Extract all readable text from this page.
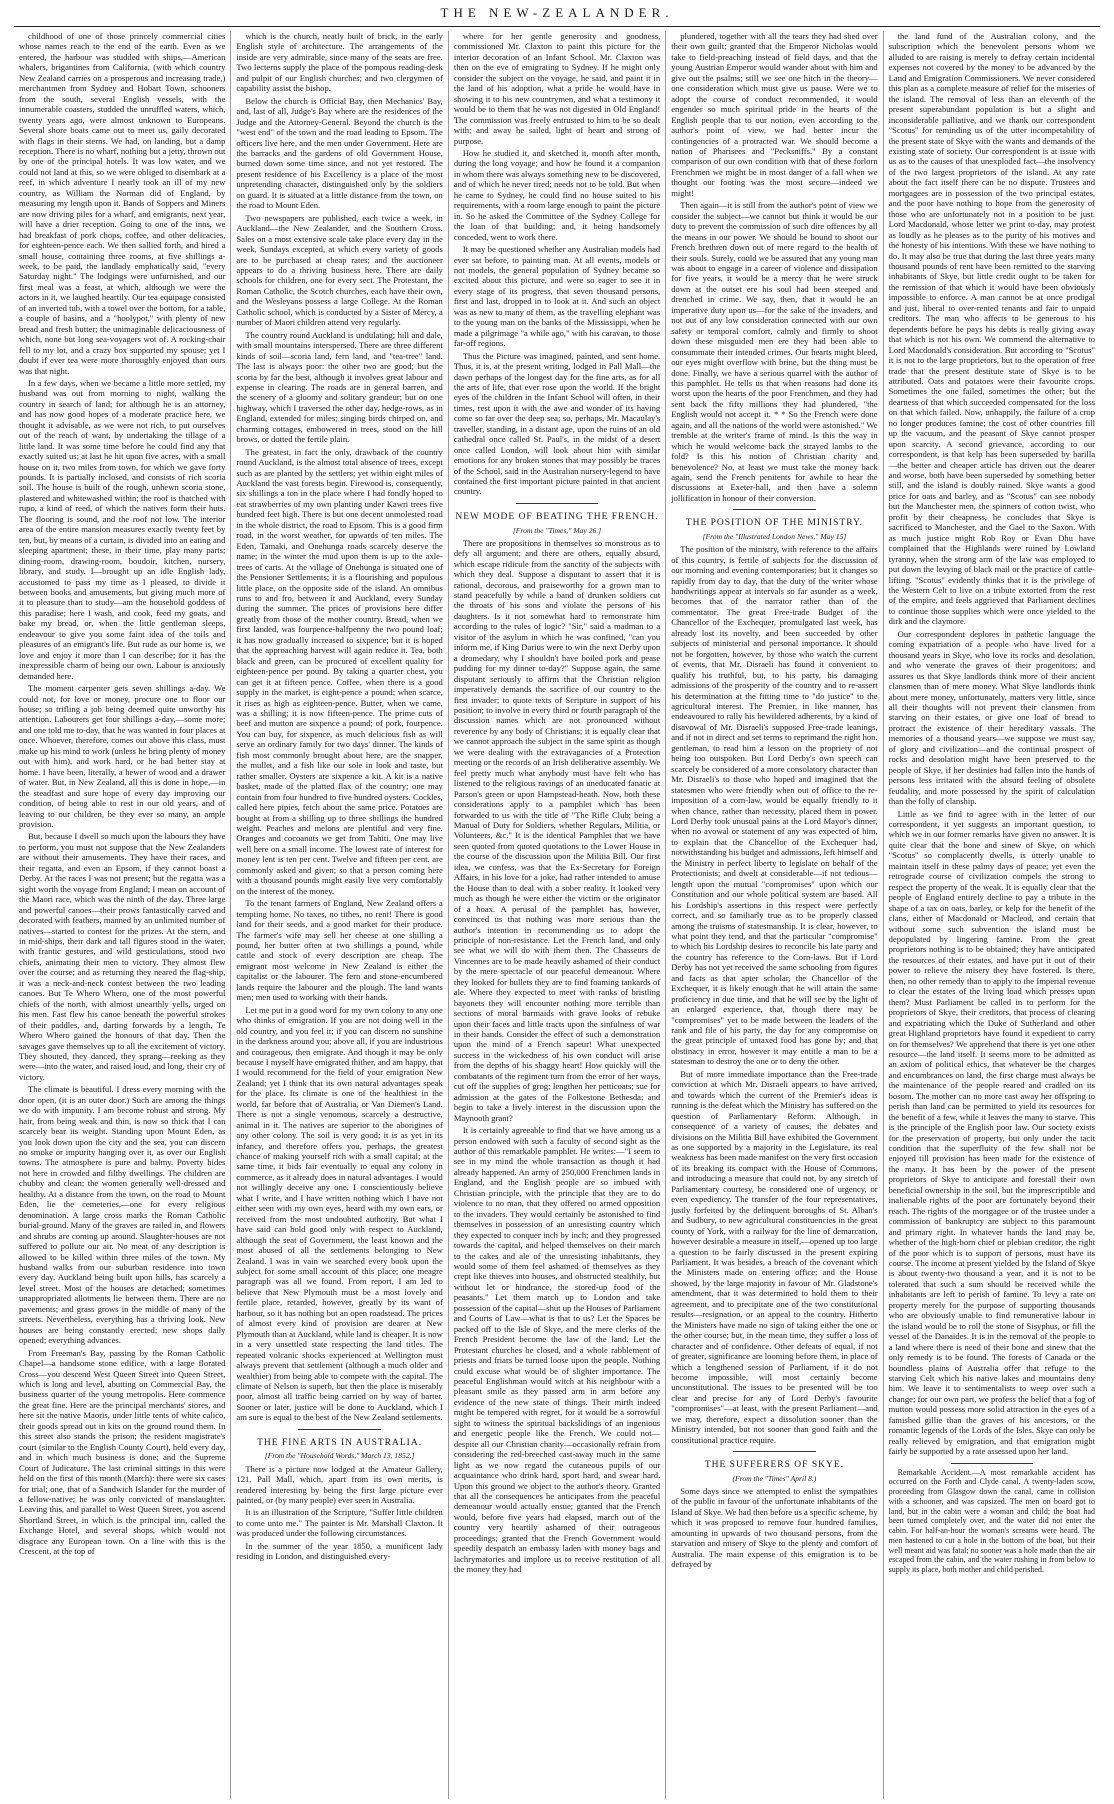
THE NEW-ZEALANDER.

childhood of one of those princely commercial cities whose names reach to the end of the earth. Even as we entered, the harbour was studded with ships,—American whalers, brigantines from California, (with which country New Zealand carries on a prosperous and increasing trade,) merchantmen from Sydney and Hobart Town, schooners from the south, several English vessels, with the innumerable coasters, studded the unruffled waters, which, twenty years ago, were almost unknown to Europeans. Several shore boats came out to meet us, gaily decorated with flags in their sterns. We had, on landing, but a damp reception. There is no wharf, nothing but a jetty, thrown out by one of the principal hotels. It was low water, and we could not land at this, so we were obliged to disembark at a reef, in which adventure I nearly took an ill of my new country, as William the Norman did of England, by measuring my length upon it. Bands of Soppers and Miners are now driving piles for a wharf, and emigrants, next year, will have a drier reception. Going to one of the inns, we had breakfast of pork chops, coffee, and other delicacies, for eighteen-pence each. We then sallied forth, and hired a small house, containing three rooms, at five shillings a-week, to be paid, the landlady emphatically said, "every Saturday night." The lodgings were unfurnished, and our first meal was a feast, at which, although we were the actors in it, we laughed heartily. Our tea equipage consisted of an inverted tub, with a towel over the bottom, for a table, a couple of basins, and a "hoolypot," with plenty of new bread and fresh butter; the unimaginable delicaciousness of which, none but long sea-voyagers wot of. A rocking-chair fell to my lot, and a crazy box supported my spouse; yet I doubt if ever tea were more thoroughly enjoyed than ours was that night.

In a few days, when we became a little more settled, my husband was out from morning to night, walking the country in search of land; for although he is an attorney, and has now good hopes of a moderate practice here, we thought it advisable, as we were not rich, to put ourselves out of the reach of want, by undertaking the tillage of a little land. It was some time before he could find any that exactly suited us; at last he hit upon five acres, with a small house on it, two miles from town, for which we gave forty pounds. It is partially inclosed, and consists of rich scoria soil. The house is built of the rough, unhewn scoria stone, plastered and whitewashed within; the roof is thatched with rupo, a kind of reed, of which the natives form their huts. The flooring is sound, and the roof not low. The interior area of the entire mansion measures exactly twenty feet by ten, but, by means of a curtain, is divided into an eating and sleeping apartment; these, in their time, play many parts; dining-room, drawing-room, boudoir, kitchen, nursery, library, and study. I—brought up an idle English lady, accustomed to pass my time as I pleased, to divide it between books and amusements, but giving much more of it to pleasure than to study—am the household goddess of this paradise; here I wash, and cook, feed my goats, and bake my bread, or, when the little gentleman sleeps, endeavour to give you some faint idea of the toils and pleasures of an emigrant's life. But rude as our home is, we love and enjoy it more than I can describe; for it has the inexpressible charm of being our own. Labour is anxiously demanded here.

The moment carpenter gets seven shillings a-day. We could not, for love or money, procure one to floor our house; so trifling a job being deemed quite unworthy his attention. Labourers get four shillings a-day,—some more; and one told me to-day, that he was wanted in four places at once. Whoever, therefore, comes out above this class, must make up his mind to work (unless he bring plenty of money out with him), and work hard, or he had better stay at home. I have been, literally, a hewer of wood and a drawer of water. But, in New Zealand, all this is done in hope,—in the steadfast and sure hope of every day improving our condition, of being able to rest in our old years, and of leaving to our children, be they ever so many, an ample provision.

But, because I dwell so much upon the labours they have to perform, you must not suppose that the New Zealanders are without their amusements. They have their races, and their regatta, and even an Epsom, if they cannot boast a Derby. At the races I was not present; but the regatta was a sight worth the voyage from England; I mean on account of the Maori race, which was the ninth of the day. Three large and powerful canoes—their prows fantastically carved and decorated with feathers, manned by an unlimited number of natives—started to contest for the prizes. At the stern, and in mid-ships, their dark and tall figures stood in the water, with frantic gestures, and wild gesticulations, stood two chiefs, animating their men to victory. They almost flew over the course; and as returning they neared the flag-ship, it was a neck-and-neck contest between the two leading canoes. But Te Whero Whero, one of the most powerful chiefs of the north, with almost unearthly yells, urged on his men. Fast flew his canoe beneath the powerful strokes of their paddles, and, darting forwards by a length, Te Whero Whero gained the honours of that day. Then the savages gave themselves up to all the excitement of victory. They shouted, they danced, they sprang—reeking as they were—into the water, and raised loud, and long, their cry of victory.

The climate is beautiful. I dress every morning with the door open, (it is an outer door.) Such are among the things we do with impunity. I am become robust and strong. My hair, from being weak and thin, is now so thick that I can scarcely bear its weight. Standing upon Mount Eden, as you look down upon the city and the sea, you can discern no smoke or impurity hanging over it, as over our English towns. The atmosphere is pure and balmy. Poverty hides not here in crowded and filthy dwellings. The children are chubby and clean; the women generally well-dressed and healthy. At a distance from the town, on the road to Mount Eden, lie the cemeteries,—one for every religious denomination. A large cross marks the Roman Catholic burial-ground. Many of the graves are railed in, and flowers and shrubs are coming up around. Slaughter-houses are not suffered to pollute our air. No meat of any description is allowed to be killed within three miles of the town. My husband walks from our suburban residence into town every day. Auckland being built upon hills, has scarcely a level street. Most of the houses are detached; sometimes unappropriated allotments lie between them. There are no pavements; and grass grows in the middle of many of the streets. Nevertheless, everything has a thriving look. New houses are being constantly erected; new shops daily opened; everything advances.

From Freeman's Bay, passing by the Roman Catholic Chapel—a handsome stone edifice, with a large florated Cross—you descend West Queen Street into Queen Street, which is long and level, abutting on Commercial Bay, the business quarter of the young metropolis. Here commence the great fine. Here are the principal merchants' stores, and here sit the native Maoris, under little tents of white calico, their goods spread out in kits on the ground round them. In this street also stands the prison; the resident magistrate's court (similar to the English County Court), held every day, and in which much business is done; and the Supreme Court of Judicature. The last criminal sittings in this were held on the first of this month (March): there were six cases for trial; one, that of a Sandwich Islander for the murder of a fellow-native; he was only convicted of manslaughter. Leaving this, and parallel to West Queen Street, you ascend Shortland Street, in which is the principal inn, called the Exchange Hotel, and several shops, which would not disgrace any European town. On a line with this is the Crescent, at the top of

which is the church, neatly built of brick, in the early English style of architecture. The arrangements of the inside are very admirable, since many of the seats are free. Two lecterns supply the place of the pompous reading-desk and pulpit of our English churches; and two clergymen of capability assist the bishop.

Below the church is Official Bay, then Mechanics' Bay, and, last of all, Judge's Bay where are the residences of the Judge and the Attorney-General. Beyond the church is the "west end" of the town and the road leading to Epsom. The officers live here, and the men under Government. Here are the barracks and the gardens of old Government House, burned down some time since, and not yet restored. The present residence of his Excellency is a place of the most unpretending character, distinguished only by the soldiers on guard. It is situated at a little distance from the town, on the road to Mount Eden.

Two newspapers are published, each twice a week, in Auckland—the New Zealander, and the Southern Cross. Sales on a most extensive scale take place every day in the week, Sundays excepted, at which every variety of goods are to be purchased at cheap rates; and the auctioneer appears to do a thriving business here. There are daily schools for children, one for every sect. The Protestant, the Roman Catholic, the Scotch churches, each have their own, and the Wesleyans possess a large College. At the Roman Catholic school, which is conducted by a Sister of Mercy, a number of Maori children attend very regularly.

The country round Auckland is undulating; hill and dale, with small mountains interspersed. There are three different kinds of soil—scoria land, fern land, and "tea-tree" land. The last is always poor: the other two are good; but the scoria by far the best, although it involves great labour and expense in clearing. The roads are in general barren, and the scenery of a gloomy and solitary grandeur; but on one highway, which I traversed the other day, hedge-rows, as in England, extended for miles; singing birds chirped on, and charming cottages, embowered in trees, stood on the hill brows, or dotted the fertile plain.

The greatest, in fact the only, drawback of the country round Auckland, is the almost total absence of trees, except such as are planted by the settlers; yet within eight miles of Auckland the vast forests begin. Firewood is, consequently, six shillings a ton in the place where I had fondly hoped to eat strawberries of my own planting under Kawri trees five hundred feet high. There is but one decent unmolested road in the whole district, the road to Epsom. This is a good firm road, in the worst weather, for upwards of ten miles. The Eden, Tamaki, and Onehunga roads scarcely deserve the name; in the winter the mud upon them is up to the axle-trees of carts. At the village of Onehunga is situated one of the Pensioner Settlements; it is a flourishing and populous little place, on the opposite side of the island. An omnibus runs to and fro, between it and Auckland, every Sunday during the summer. The prices of provisions here differ greatly from those of the mother country. Bread, when we first landed, was fourpence-halfpenny the two pound loaf; it has now gradually increased to sixpence; but it is hoped that the approaching harvest will again reduce it. Tea, both black and green, can be procured of excellent quality for eighteen-pence per pound. By taking a quarter chest, you can get it at fifteen pence. Coffee, when there is a good supply in the market, is eight-pence a pound; when scarce, it rises as high as eighteen-pence. Butter, when we came, was a shilling; it is now fifteen-pence. The prime cuts of beef and mutton are sixpence a pound; of pork, fourpence. You can buy, for sixpence, as much delicious fish as will serve an ordinary family for two days' dinner. The kinds of fish most commonly brought about here, are the snapper, the mullet, and a fish like our sole in look and taste, but rather smaller. Oysters are sixpence a kit. A kit is a native basket, made of the platted flax of the country; one may contain from four hundred to five hundred oysters. Cockles, called here pipies, fetch about the same price. Potatoes are bought at from a shilling up to three shillings the hundred weight. Peaches and melons are plentiful and very fine. Oranges and cocoanuts we get from Tahiti. One may live well here on a small income. The lowest rate of interest for money lent is ten per cent. Twelve and fifteen per cent. are commonly asked and given; so that a person coming here with a thousand pounds might easily live very comfortably on the interest of the money.

To the tenant farmers of England, New Zealand offers a tempting home. No taxes, no tithes, no rent! There is good land for their seeds, and a good market for their produce. The farmer's wife may sell her cheese at one shilling a pound, her butter often at two shillings a pound, while cattle and stock of every description are cheap. The emigrant most welcome in New Zealand is either the capitalist or the labourer. The fern and stone-encumbered lands require the labourer and the plough. The land wants men; men used to working with their hands.

Let me put in a good word for my own colony to any one who thinks of emigration. If you are not doing well in the old country, and you feel it; if you can discern no sunshine in the darkness around you; above all, if you are industrious and courageous, then emigrate. And though it may be only because I myself have emigrated thither, and am happy, that I would recommend for the field of your emigration New Zealand; yet I think that its own natural advantages speak for the place. Its climate is one of the healthiest in the world, far before that of Australia, or Van Diemen's Land. There is not a single venomous, scarcely a destructive, animal in it. The natives are superior to the aborigines of any other colony. The soil is very good; it is as yet in its infancy, and therefore offers you, perhaps, the greatest chance of making yourself rich with a small capital; at the same time, it bids fair eventually to equal any colony in commerce, as it already does in natural advantages. I would not willingly deceive any one. I conscientiously believe what I write, and I have written nothing which I have not either seen with my own eyes, heard with my own ears, or received from the most undoubted authority. But what I have said can hold good only with respect to Auckland, although the seat of Government, the least known and the most abused of all the settlements belonging to New Zealand. I was in vain we searched every book upon the subject for some small account of this place; one meagre paragraph was all we found. From report, I am led to believe that New Plymouth must be a most lovely and fertile place, retarded, however, greatly by its want of harbour, so it has nothing but an open roadstead. The prices of almost every kind of provision are dearer at New Plymouth than at Auckland, while land is cheaper. It is now in a very unsettled state respecting the land titles. The repeated volcanic shocks experienced at Wellington must always prevent that settlement (although a much older and wealthier) from being able to compete with the capital. The climate of Nelson is superb, but then the place is miserably poor, almost all traffic being carried on by way of barter. Sooner or later, justice will be done to Auckland, which I am sure is equal to the best of the New Zealand settlements.

THE FINE ARTS IN AUSTRALIA.
[From the "Household Words," March 13, 1852.]

There is a picture now lodged at the Amateur Gallery, 121, Pall Mall, which, apart from its own merits, is rendered interesting by being the first large picture ever painted, or (by many people) ever seen in Australia.

It is an illustration of the Scripture, "Suffer little children to come unto me." The painter is Mr. Marshall Claxton. It was produced under the following circumstances.

In the summer of the year 1850, a munificent lady residing in London, and distinguished every-

where for her gentle generosity and goodness, commissioned Mr. Claxton to paint this picture for the interior decoration of an Infant School. Mr. Claxton was then on the eve of emigrating to Sydney. If he might only consider the subject on the voyage, he said, and paint it in the land of his adoption, what a pride he would have in showing it to his new countrymen, and what a testimony it would be to them that he was not digested in Old England! The commission was freely entrusted to him to be so dealt with; and away he sailed, light of heart and strong of purpose.

How he studied it, and sketched it, month after month, during the long voyage; and how he found it a companion in whom there was always something new to be discovered, and of which he never tired; needs not to be told. But when he came to Sydney, he could find no house suited to his requirements, with a room large enough to paint the picture in. So he asked the Committee of the Sydney College for the loan of that building; and, it being handsomely conceded, went to work there.

It may be questioned whether any Australian models had ever sat before, to painting man. At all events, models or not models, the general population of Sydney became so excited about this picture, and were so eager to see it in every stage of its progress, that seven thousand persons, first and last, dropped in to look at it. And such an object was as new to many of them, as the travelling elephant was to the young man on the banks of the Mississippi, when he made a pilgrimage "a while ago," with his caravan, to those far-off regions.

Thus the Picture was imagined, painted, and sent home. Thus, it is, at the present writing, lodged in Pall Mall—the dawn perhaps of the longest day for the fine arts, as for all the arts of life, that ever rose upon the world. If the bright eyes of the children in the Infant School will often, in their times, rest upon it with the awe and wonder of its having come so far over the deep sea; so, perhaps, Mr. Macaulay's traveller, standing, in a distant age, upon the ruins of an old cathedral once called St. Paul's, in the midst of a desert once called London, will look about him with similar emotions for any broken stones that may possibly be traces of the School, said in the Australian nursery-legend to have contained the first important picture painted in that ancient country.

NEW MODE OF BEATING THE FRENCH.
[From the "Times," May 26.]

There are propositions in themselves so monstrous as to defy all argument; and there are others, equally absurd, which escape ridicule from the sanctity of the subjects with which they deal. Suppose a disputant to assert that it is rational, decorous, and praiseworthy for a grown man to stand peacefully by while a band of drunken soldiers cut the throats of his sons and violate the persons of his daughters. Is it not somewhat hard to remonstrate him according to the rules of logic? "Sir," said a madman to a visitor of the asylum in which he was confined, "can you inform me, if King Darius were to win the next Derby upon a dromedary, why I shouldn't have boiled pork and pease pudding for my dinner to-day?" Suppose again, the same disputant seriously to affirm that the Christian religion imperatively demands the sacrifice of our country to the first invader; to quote texts of Scripture in support of his position; to involve in every third or fourth paragraph of the discussion names which are not pronounced without reverence by any body of Christians; it is equally clear that we cannot approach the subject in the same spirit as though we were dealing with the extravagancies of a Protection meeting or the records of an Irish deliberative assembly. We feel pretty much what anybody must have felt who has listened to the religious ravings of an uneducated fanatic at Parson's green or upon Hampstead-heath. Now, both these considerations apply to a pamphlet which has been forwarded to us with the title of "The Rifle Club; being a Manual of Duty for Soldiers, whether Regulars, Militia, or Volunteers, &c." It is the identical Pamphlet that we have seen quoted from quoted quotations to the Lower House in the course of the discussion upon the Militia Bill. Our first idea, we confess, was that the Ex-Secretary for Foreign Affairs, in his love for a joke, had rather intended to amuse the House than to deal with a sober reality. It looked very much as though he were either the victim or the originator of a hoax. A perusal of the pamphlet has, however, convinced us that nothing was more serious than the author's intention in recommending us to adopt the principle of non-resistance. Let the French land, and only see what we will do with them then. The Chasseurs de Vincennes are to be made heavily ashamed of their conduct by the mere spectacle of our peaceful demeanour. Where they looked for bullets they are to find foaming tankards of ale. Where they expected to meet with ranks of bristling bayonets they will encounter nothing more terrible than sections of moral barmaids with grave looks of rebuke upon their faces and little tracts upon the sinfulness of war in their hands. Consider the effect of such a demonstration upon the mind of a French sapeur! What unexpected success in the wickedness of his own conduct will arise from the depths of his shaggy heart! How quickly will the combatants of the regiment turn from the error of her ways, cut off the supplies of grog; lengthen her petticoats; sue for admission at the gates of the Folkestone Bethesda; and begin to take a lively interest in the discussion upon the Maynooth grant?

It is certainly agreeable to find that we have among us a person endowed with such a faculty of second sight as the author of this remarkable pamphlet. He writes:—"I seem to see in my mind the whole transaction as though it had already happened. An army of 250,000 Frenchmen lands in England, and the English people are so imbued with Christian principle, with the principle that they are to do violence to no man, that they offered no armed opposition to the invaders. They would certainly be astonished to find themselves in possession of an unresisting country which they expected to conquer inch by inch; and they progressed towards the capital, and helped themselves on their march to the cakes and ale of the unresisting inhabitants, they would some of them feel ashamed of themselves as they crept like thieves into houses, and obstructed stealthily, but without let or hindrance, the stored-up food of the peasants." Let them march up to London and take possession of the capital—shut up the Houses of Parliament and Courts of Law—what is that to us? Let the Spaces be packed off to the Isle of Skye, and the mere clerks of the French President become the law of the land. Let the Protestant churches be closed, and a whole rabblement of priests and friars be turned loose upon the people. Nothing could excuse what would be of slighter importance. The peaceful Englishman would witch at his neighbour with a pleasant smile as they passed arm in arm before any evidence of the new state of things. Their mirth indeed might be tempered with regret, for it would be a sorrowful sight to witness the spiritual backslidings of an ingenious and energetic people like the French. We could not—despite all our Christian charity—occasionally refrain from considering the red-breeched cast-away much in the same light as we now regard the cutaneous pupils of our acquaintance who drink hard, sport hard, and swear hard. Upon this ground we object to the author's theory. Granted that all the consequences he anticipates from the peaceful demeanour would actually ensue; granted that the French would, before five years had elapsed, march out of the country very heartily ashamed of their outrageous proceedings; granted that the French Government would speedily despatch an embassy laden with money bags and lachrymatories and implore us to receive restitution of all the money they had

plundered, together with all the tears they had shed over their own guilt; granted that the Emperor Nicholas would take to field-preaching instead of field days, and that the young Austrian Emperor would wander about with him and give out the psalms; still we see one hitch in the theory—one consideration which must give us pause. Were we to adopt the course of conduct recommended, it would engender so much spiritual pride in the hearts of the English people that to our notion, even according to the author's point of view, we had better incur the contingencies of a protracted war. We should become a nation of Pharisees and "Pecksniffs." By a constant comparison of our own condition with that of these forlorn Frenchmen we might be in most danger of a fall when we thought our footing was the most secure—indeed we might!

Then again—it is still from the author's point of view we consider the subject—we cannot but think it would be our duty to prevent the commission of such dire offences by all the means in our power. We should be bound to shoot our French brethren down out of mere regard to the health of their souls. Surely, could we be assured that any young man was about to engage in a career of violence and dissipation for five years, it would be a mercy that he were struck down at the outset ere his soul had been steeped and drenched in crime. We say, then, that it would be an imperative duty upon us—for the sake of the invaders, and not out of any low consideration connected with our own safety or temporal comfort, calmly and firmly to shoot down these misguided men ere they had been able to consummate their intended crimes. Our hearts might bleed, our eyes might overflow with brine, but the thing must be done. Finally, we have a serious quarrel with the author of this pamphlet. He tells us that when reasons had done its worst upon the hearts of the poor Frenchmen, and they had sent back the fifty millions they had plundered, "the English would not accept it. * * So the French were done again, and all the nations of the world were astonished." We tremble at the writer's frame of mind. Is this the way in which he would welcome back the strayed lambs to the fold? Is this his notion of Christian charity and benevolence? No, at least we must take the money back again, send the French penitents for awhile to hear the discussions at Exeter-hall, and then have a solemn jollification in honour of their conversion.

THE POSITION OF THE MINISTRY.
[From the "Illustrated London News," May 15]

The position of the ministry, with reference to the affairs of this country, is fertile of subjects for the discussion of our morning and evening contemporaries; but it changes so rapidly from day to day, that the duty of the writer whose handwritings appear at intervals so far asunder as a week, becomes that of the narrator rather than of the commentator. The great Free-trade Budget of the Chancellor of the Exchequer, promulgated last week, has already lost its novelty, and been succeeded by other subjects of ministerial and personal importance. It should not be forgotten, however, by those who watch the current of events, that Mr. Disraeli has found it convenient to qualify his truthful, but, to his party, his damaging admissions of the prosperity of the country and to re-assert his determination at the fitting time to "do justice" to the agricultural interest. The Premier, in like manner, has endeavoured to rally his bewildered adherents, by a kind of disavowal of Mr. Disraeli's supposed Free-trade leanings, and if not in direct and set terms to reprimand the right hon. gentleman, to read him a lesson on the propriety of not being too outspoken. But Lord Derby's own speech can scarcely be considered of a more consolatory character than Mr. Disraeli's to those who hoped and imagined that the statesmen who were friendly when out of office to the re-imposition of a corn-law, would be equally friendly to it when chance, rather than necessity, placed them in power. Lord Derby took unusual pains at the Lord Mayor's dinner, when no avowal or statement of any was expected of him, to explain that the Chancellor of the Exchequer had, notwithstanding his budget and admissions, left himself and the Ministry in perfect liberty to legislate on behalf of the Protectionists; and dwelt at considerable—if not tedious—length upon the mutual "compromises" upon which our Constitution and our whole political system are based. All his Lordship's assertions in this respect were perfectly correct, and so familiarly true as to be properly classed among the truisms of statesmanship. It is clear, however, to what point they tend, and that the particular "compromise" to which his Lordship desires to reconcile his late party and the country has reference to the Corn-laws. But if Lord Derby has not yet received the same schooling from figures and facts as that apter scholar, the Chancellor of the Exchequer, it is likely enough that he will attain the same proficiency in due time, and that he will see by the light of an enlarged experience, that, though there may be "compromises" yet to be made between the leaders of the rank and file of his party, the day for any compromise on the great principle of untaxed food has gone by; and that obstinacy in error, however it may entitle a man to be a statesman to destroy the one or to deny the other.

But of more immediate importance than the Free-trade conviction at which Mr. Disraeli appears to have arrived, and towards which the current of the Premier's ideas is running is the defeat which the Ministry has suffered on the question of Parliamentary Reform. Although, in consequence of a variety of causes, the debates and divisions on the Militia Bill have exhibited the Government as one supported by a majority in the Legislature, its real weakness has been made manifest on the very first occasion of its breaking its compact with the House of Commons, and introducing a measure that could not, by any stretch of Parliamentary courtesy, be considered one of urgency, or even expediency. The transfer of the four representatives, justly forfeited by the delinquent boroughs of St. Alban's and Sudbury, to new agricultural constituencies in the great county of York, with a railway for the line of demarcation, however desirable a measure in itself,—opened up too large a question to be fairly discussed in the present expiring Parliament. It was besides, a breach of the covenant which the Ministers made on entering office; and the House showed, by the large majority in favour of Mr. Gladstone's amendment, that it was determined to hold them to their agreement, and to precipitate one of the two constitutional results—resignation, or an appeal to the country. Hitherto the Ministers have made no sign of taking either the one or the other course; but, in the mean time, they suffer a loss of character and of confidence. Other defeats of equal, if not of greater, significance are looming before them, in place of which a lengthened session of Parliament, if it do not become impossible, will most certainly become unconstitutional. The issues to be presented will be too clear and precise for any of Lord Derby's favourite "compromises"—at least, with the present Parliament—and we may, therefore, expect a dissolution sooner than the Ministry intended, but not sooner than good faith and the constitutional practice require.

THE SUFFERERS OF SKYE.
(From the "Times" April 8.)

Some days since we attempted to enlist the sympathies of the public in favour of the unfortunate inhabitants of the Island of Skye. We had then before us a specific scheme, by which it was proposed to remove four hundred families, amounting in upwards of two thousand persons, from the starvation and misery of Skye to the plenty and comfort of Australia. The main expense of this emigration is to be defrayed by

the land fund of the Australian colony, and the subscription which the benevolent persons whom we alluded to are raising is merely to defray certain incidental expenses not covered by the money to be advanced by the Land and Emigration Commissioners. We never considered this plan as a complete measure of relief for the miseries of the island. The removal of less than an eleventh of the present superabundant population is but a slight and inconsiderable palliative, and we thank our correspondent "Scotus" for reminding us of the utter incompetability of the present state of Skye with the wants and demands of the existing state of society. Our correspondent is at issue with us as to the causes of that unexploded fact—the insolvency of the two largest proprietors of the island. At any rate about the fact itself there can be no dispute. Trustees and mortgagees are in possession of the two principal estates, and the poor have nothing to hope from the generosity of those who are unfortunately not in a position to be just. Lord Macdonald, whose letter we print to-day, may protest as loudly as he pleases as to the purity of his motives and the honesty of his intentions. With these we have nothing to do. It may also be true that during the last three years many thousand pounds of rent have been remitted to the starving inhabitants of Skye, but little credit ought to be taken for the remission of that which it would have been obviously impossible to enforce. A man cannot be at once prodigal and just, liberal to over-rented tenants and fair to unpaid creditors. The man who affects to be generous to his dependents before he pays his debts is really giving away that which is not his own. We commend the alternative to Lord Macdonald's consideration. But according to "Scotus" it is not to the large proprietors, but to the operation of free trade that the present destitute state of Skye is to be attributed. Oats and potatoes were their favourite crops. Sometimes the one failed, sometimes the other; but the dearness of that which succeeded compensated for the loss on that which failed. Now, unhappily, the failure of a crop no longer produces famine; the cost of other countries fill up the vacuum, and the peasant of Skye cannot prosper upon scarcity. A second grievance, according to our correspondent, is that kelp has been superseded by barilla—the better and cheaper article has driven out the dearer and worse, both have been superseded by something better still, and the island is doubly ruined. Skye wants a good price for oats and barley, and as "Scotus" can see nobody but the Manchester men, the spinners of cotton twist, who profit by their cheapness, he concludes that Skye is sacrificed to Manchester, and the Gael to the Saxon. With as much justice might Rob Roy or Evan Dhu have complained that the Highlands were ruined by Lowland tyranny, when the strong arm of the law was employed to put down the levying of black mail or the practice of cattle-lifting. "Scotus" evidently thinks that it is the privilege of the Western Celt to live on a tribute extorted from the rest of the empire, and feels aggrieved that Parliament declines to continue those supplies which were once yielded to the dirk and the claymore.

Our correspondent deplores in pathetic language the coming expatriation of a people who have lived for a thousand years in Skye, who love its rocks and desolation, and who venerate the graves of their progenitors; and assures us that Skye landlords think more of their ancient clansmen than of mere money. What Skye landlords think about mere money, unfortunately, matters very little, since all their thoughts will not prevent their clansmen from starving on their estates, or give one loaf of bread to protract the existence of their hereditary vassals. The memories of a thousand years—we suppose we must say, of glory and civilization—and the continual prospect of rocks and desolation might have been preserved to the people of Skye, if her destinies had fallen into the hands of persons less irritated with the absurd feeling of obsolete feudality, and more possessed by the spirit of calculation than the folly of clanship.

Little as we find to agree with in the letter of our correspondent, it yet suggests an important question, to which we in our former remarks have given no answer. It is quite clear that the bone and sinew of Skye, on which "Scotus" so complacently dwells, is utterly unable to maintain itself in these palmy days of peace; yet even the retrograde course of civilization compels the strong to respect the property of the weak. It is equally clear that the people of England entirely decline to pay a tribute in the shape of a tax on oats, barley, or kelp for the benefit of the clans, either of Macdonald or Macleod, and certain that without some such subvention the island must be depopulated by lingering famine. From the great proprietors nothing is to be obtained; they have anticipated the resources of their estates, and have put it out of their power to relieve the misery they have fostered. Is there, then, no other remedy than to apply to the Imperial revenue to clear the estates of the living load which presses upon them? Must Parliament be called in to perform for the proprietors of Skye, their creditors, that process of clearing and expatriating which the Duke of Sutherland and other great Highland proprietors have found it expedient to carry on for themselves? We apprehend that there is yet one other resource—the land itself. It seems more to be admitted as an axiom of political ethics, that whatever be the charges and encumbrances on land, the first charge must always be the maintenance of the people reared and cradled on its bosom. The mother can no more cast away her offspring to perish than land can be permitted to yield its resources for the benefit of a few, while it leaves the many to starve. This is the principle of the English poor law. Our society exists for the preservation of property, but only under the tacit condition that the superfluity of the few shall not be enjoyed till provision has been made for the existence of the many. It has been by the power of the present proprietors of Skye to anticipate and forestall their own beneficial ownership in the soil, but the imprescriptible and inalienable rights of the poor are fortunately beyond their reach. The rights of the mortgagee or of the trustee under a commission of bankruptcy are subject to this paramount and primary right. In whatever hands the land may be, whether of the high-born chief or plebian creditor, the right of the poor which is to support of persons, must have its course. The income at present yielded by the Island of Skye is about twenty-two thousand a year, and it is not to be tolerated that such a sum should be received while the inhabitants are left to perish of famine. To levy a rate on property merely for the purpose of supporting thousands who are obviously unable to find remunerative labour in the island would be to roll the stone of Sisyphus, or fill the vessel of the Danaides. It is in the removal of the people to a land where there is need of their bone and sinew that the only remedy is to be found. The forests of Canada or the boundless plains of Australia offer that refuge to the starving Celt which his native lakes and mountains deny him. We leave it to sentimentalists to weep over such a change; for our own part, we profess the belief that a fog of mutton would possess more solid attraction in the eyes of a famished gillie than the graves of his ancestors, or the romantic legends of the Lords of the Isles. Skye can only be really relieved by emigration, and that emigration might fairly be supported by a rate assessed upon her land.

Remarkable Accident.—A most remarkable accident has occurred on the Forth and Clyde canal. A twenty-laden scow, proceeding from Glasgow down the canal, came in collision with a schooner, and was capsized. The men on board got to land, but in the cabin were a woman and child; the boat had been turned completely over, and the water did not enter the cabin. For half-an-hour the woman's screams were heard. The men hastened to cut a hole in the bottom of the boat, but their well meant aid was fatal; no sooner was a hole made than the air escaped from the cabin, and the water rushing in from below to supply its place, both mother and child perished.
